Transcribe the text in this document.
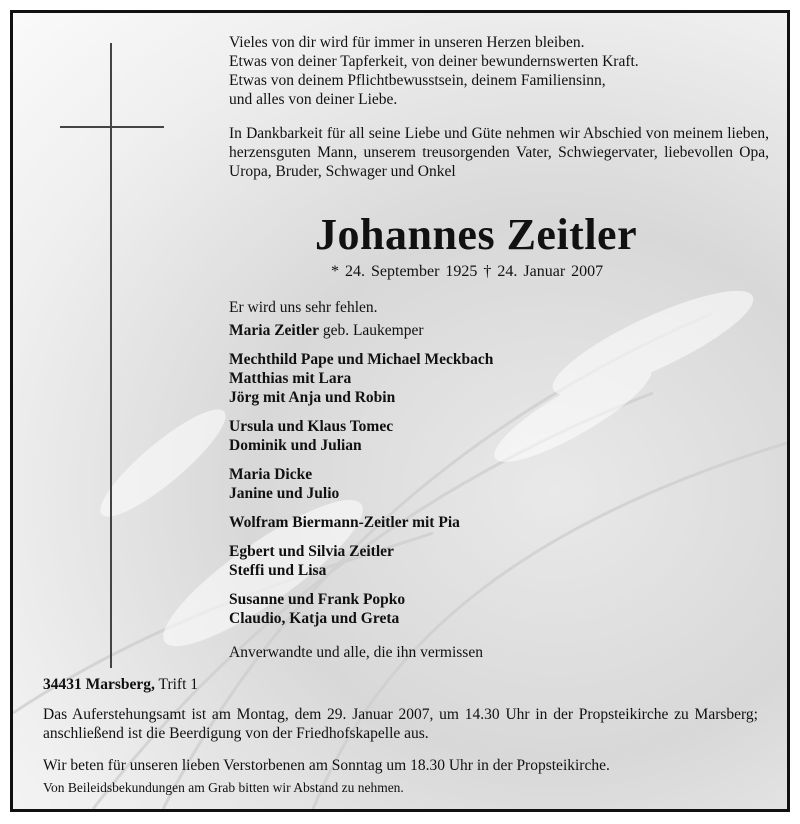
Vieles von dir wird für immer in unseren Herzen bleiben.
Etwas von deiner Tapferkeit, von deiner bewundernswerten Kraft.
Etwas von deinem Pflichtbewusstsein, deinem Familiensinn,
und alles von deiner Liebe.
In Dankbarkeit für all seine Liebe und Güte nehmen wir Abschied von meinem lieben, herzensguten Mann, unserem treusorgenden Vater, Schwiegervater, liebevollen Opa, Uropa, Bruder, Schwager und Onkel
Johannes Zeitler
* 24. September 1925 † 24. Januar 2007
Er wird uns sehr fehlen.
Maria Zeitler geb. Laukemper
Mechthild Pape und Michael Meckbach
Matthias mit Lara
Jörg mit Anja und Robin
Ursula und Klaus Tomec
Dominik und Julian
Maria Dicke
Janine und Julio
Wolfram Biermann-Zeitler mit Pia
Egbert und Silvia Zeitler
Steffi und Lisa
Susanne und Frank Popko
Claudio, Katja und Greta
Anverwandte und alle, die ihn vermissen
34431 Marsberg, Trift 1
Das Auferstehungsamt ist am Montag, dem 29. Januar 2007, um 14.30 Uhr in der Propsteikirche zu Marsberg; anschließend ist die Beerdigung von der Friedhofskapelle aus.
Wir beten für unseren lieben Verstorbenen am Sonntag um 18.30 Uhr in der Propsteikirche.
Von Beileidsbekundungen am Grab bitten wir Abstand zu nehmen.
